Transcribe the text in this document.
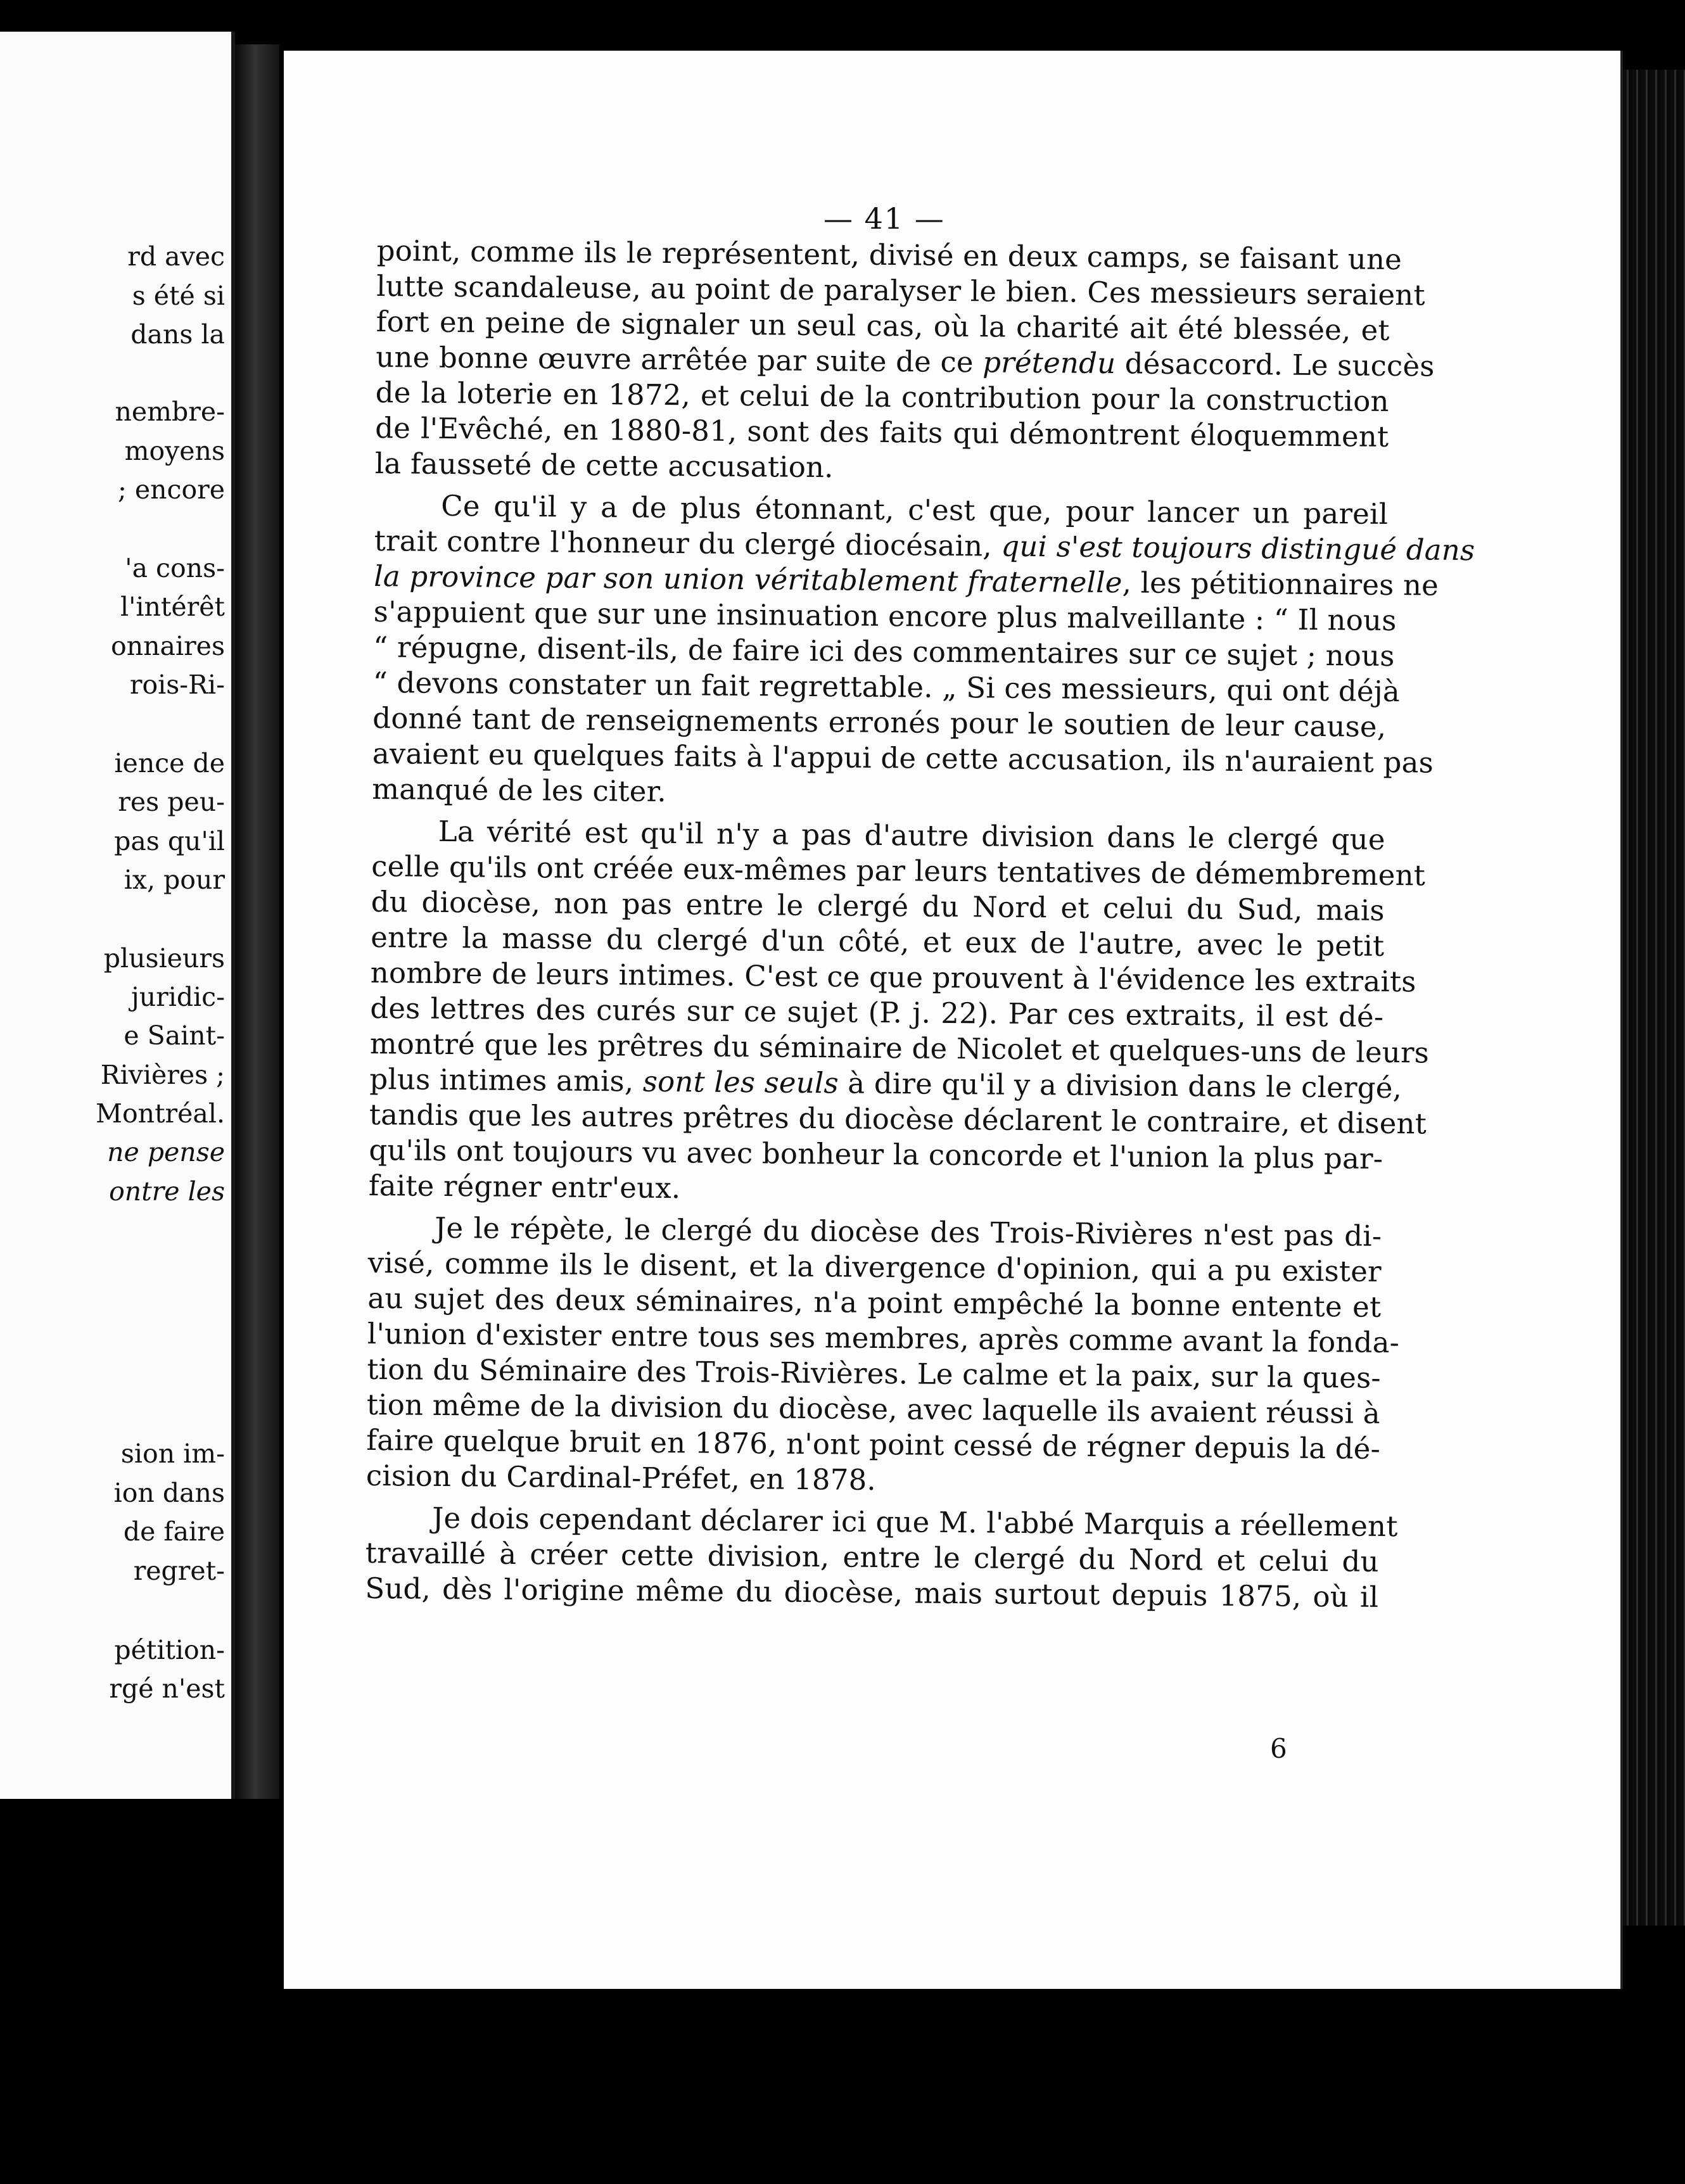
rd avec

s été si

dans la

nembre-

moyens

; encore

'a cons-

l'intérêt

onnaires

rois-Ri-

ience de

res peu-

pas qu'il

ix, pour

plusieurs

juridic-

e Saint-

Rivières ;

Montréal.

ne pense

ontre les

sion im-

ion dans

de faire

regret-

pétition-

rgé n'est

— 41 —

point, comme ils le représentent, divisé en deux camps, se faisant une
lutte scandaleuse, au point de paralyser le bien. Ces messieurs seraient
fort en peine de signaler un seul cas, où la charité ait été blessée, et
une bonne œuvre arrêtée par suite de ce prétendu désaccord. Le succès
de la loterie en 1872, et celui de la contribution pour la construction
de l'Evêché, en 1880-81, sont des faits qui démontrent éloquemment
la fausseté de cette accusation.
Ce qu'il y a de plus étonnant, c'est que, pour lancer un pareil
trait contre l'honneur du clergé diocésain, qui s'est toujours distingué dans
la province par son union véritablement fraternelle, les pétitionnaires ne
s'appuient que sur une insinuation encore plus malveillante : “ Il nous
“ répugne, disent-ils, de faire ici des commentaires sur ce sujet ; nous
“ devons constater un fait regrettable. „ Si ces messieurs, qui ont déjà
donné tant de renseignements erronés pour le soutien de leur cause,
avaient eu quelques faits à l'appui de cette accusation, ils n'auraient pas
manqué de les citer.
La vérité est qu'il n'y a pas d'autre division dans le clergé que
celle qu'ils ont créée eux-mêmes par leurs tentatives de démembrement
du diocèse, non pas entre le clergé du Nord et celui du Sud, mais
entre la masse du clergé d'un côté, et eux de l'autre, avec le petit
nombre de leurs intimes. C'est ce que prouvent à l'évidence les extraits
des lettres des curés sur ce sujet (P. j. 22). Par ces extraits, il est dé-
montré que les prêtres du séminaire de Nicolet et quelques-uns de leurs
plus intimes amis, sont les seuls à dire qu'il y a division dans le clergé,
tandis que les autres prêtres du diocèse déclarent le contraire, et disent
qu'ils ont toujours vu avec bonheur la concorde et l'union la plus par-
faite régner entr'eux.
Je le répète, le clergé du diocèse des Trois-Rivières n'est pas di-
visé, comme ils le disent, et la divergence d'opinion, qui a pu exister
au sujet des deux séminaires, n'a point empêché la bonne entente et
l'union d'exister entre tous ses membres, après comme avant la fonda-
tion du Séminaire des Trois-Rivières. Le calme et la paix, sur la ques-
tion même de la division du diocèse, avec laquelle ils avaient réussi à
faire quelque bruit en 1876, n'ont point cessé de régner depuis la dé-
cision du Cardinal-Préfet, en 1878.
Je dois cependant déclarer ici que M. l'abbé Marquis a réellement
travaillé à créer cette division, entre le clergé du Nord et celui du
Sud, dès l'origine même du diocèse, mais surtout depuis 1875, où il

6
